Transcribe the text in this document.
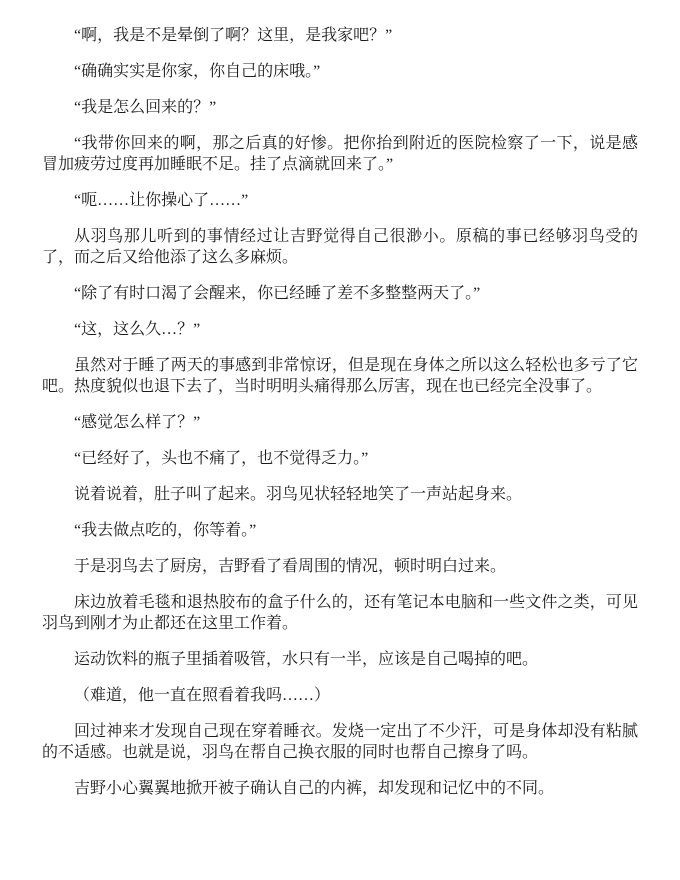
“啊，我是不是晕倒了啊？这里，是我家吧？”

“确确实实是你家，你自己的床哦。”

“我是怎么回来的？”

“我带你回来的啊，那之后真的好惨。把你抬到附近的医院检察了一下，说是感冒加疲劳过度再加睡眠不足。挂了点滴就回来了。”

“呃……让你操心了……”

从羽鸟那儿听到的事情经过让吉野觉得自己很渺小。原稿的事已经够羽鸟受的了，而之后又给他添了这么多麻烦。

“除了有时口渴了会醒来，你已经睡了差不多整整两天了。”

“这，这么久…？”

虽然对于睡了两天的事感到非常惊讶，但是现在身体之所以这么轻松也多亏了它吧。热度貌似也退下去了，当时明明头痛得那么厉害，现在也已经完全没事了。

“感觉怎么样了？”

“已经好了，头也不痛了，也不觉得乏力。”

说着说着，肚子叫了起来。羽鸟见状轻轻地笑了一声站起身来。

“我去做点吃的，你等着。”

于是羽鸟去了厨房，吉野看了看周围的情况，顿时明白过来。

床边放着毛毯和退热胶布的盒子什么的，还有笔记本电脑和一些文件之类，可见羽鸟到刚才为止都还在这里工作着。

运动饮料的瓶子里插着吸管，水只有一半，应该是自己喝掉的吧。

（难道，他一直在照看着我吗……）

回过神来才发现自己现在穿着睡衣。发烧一定出了不少汗，可是身体却没有粘腻的不适感。也就是说，羽鸟在帮自己换衣服的同时也帮自己擦身了吗。

吉野小心翼翼地掀开被子确认自己的内裤，却发现和记忆中的不同。
